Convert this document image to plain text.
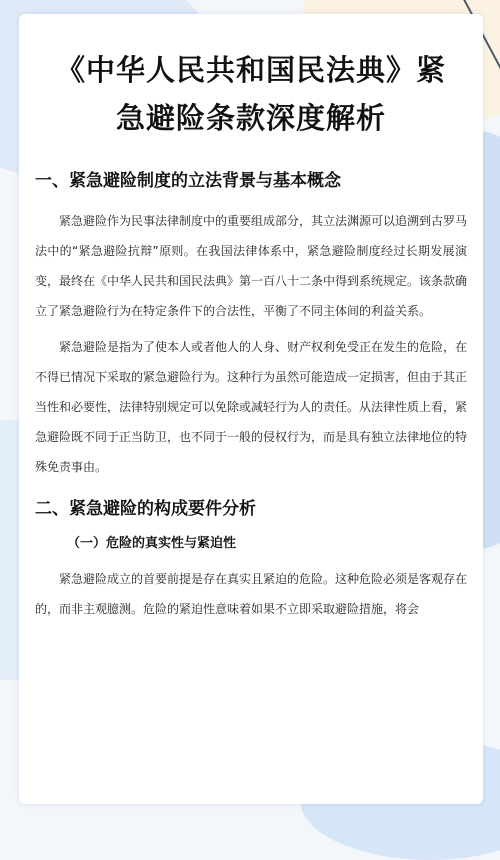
《中华人民共和国民法典》紧急避险条款深度解析
一、紧急避险制度的立法背景与基本概念

紧急避险作为民事法律制度中的重要组成部分，其立法渊源可以追溯到古罗马法中的“紧急避险抗辩”原则。在我国法律体系中，紧急避险制度经过长期发展演变，最终在《中华人民共和国民法典》第一百八十二条中得到系统规定。该条款确立了紧急避险行为在特定条件下的合法性，平衡了不同主体间的利益关系。

紧急避险是指为了使本人或者他人的人身、财产权利免受正在发生的危险，在不得已情况下采取的紧急避险行为。这种行为虽然可能造成一定损害，但由于其正当性和必要性，法律特别规定可以免除或减轻行为人的责任。从法律性质上看，紧急避险既不同于正当防卫，也不同于一般的侵权行为，而是具有独立法律地位的特殊免责事由。

二、紧急避险的构成要件分析
（一）危险的真实性与紧迫性

紧急避险成立的首要前提是存在真实且紧迫的危险。这种危险必须是客观存在的，而非主观臆测。危险的紧迫性意味着如果不立即采取避险措施，将会
